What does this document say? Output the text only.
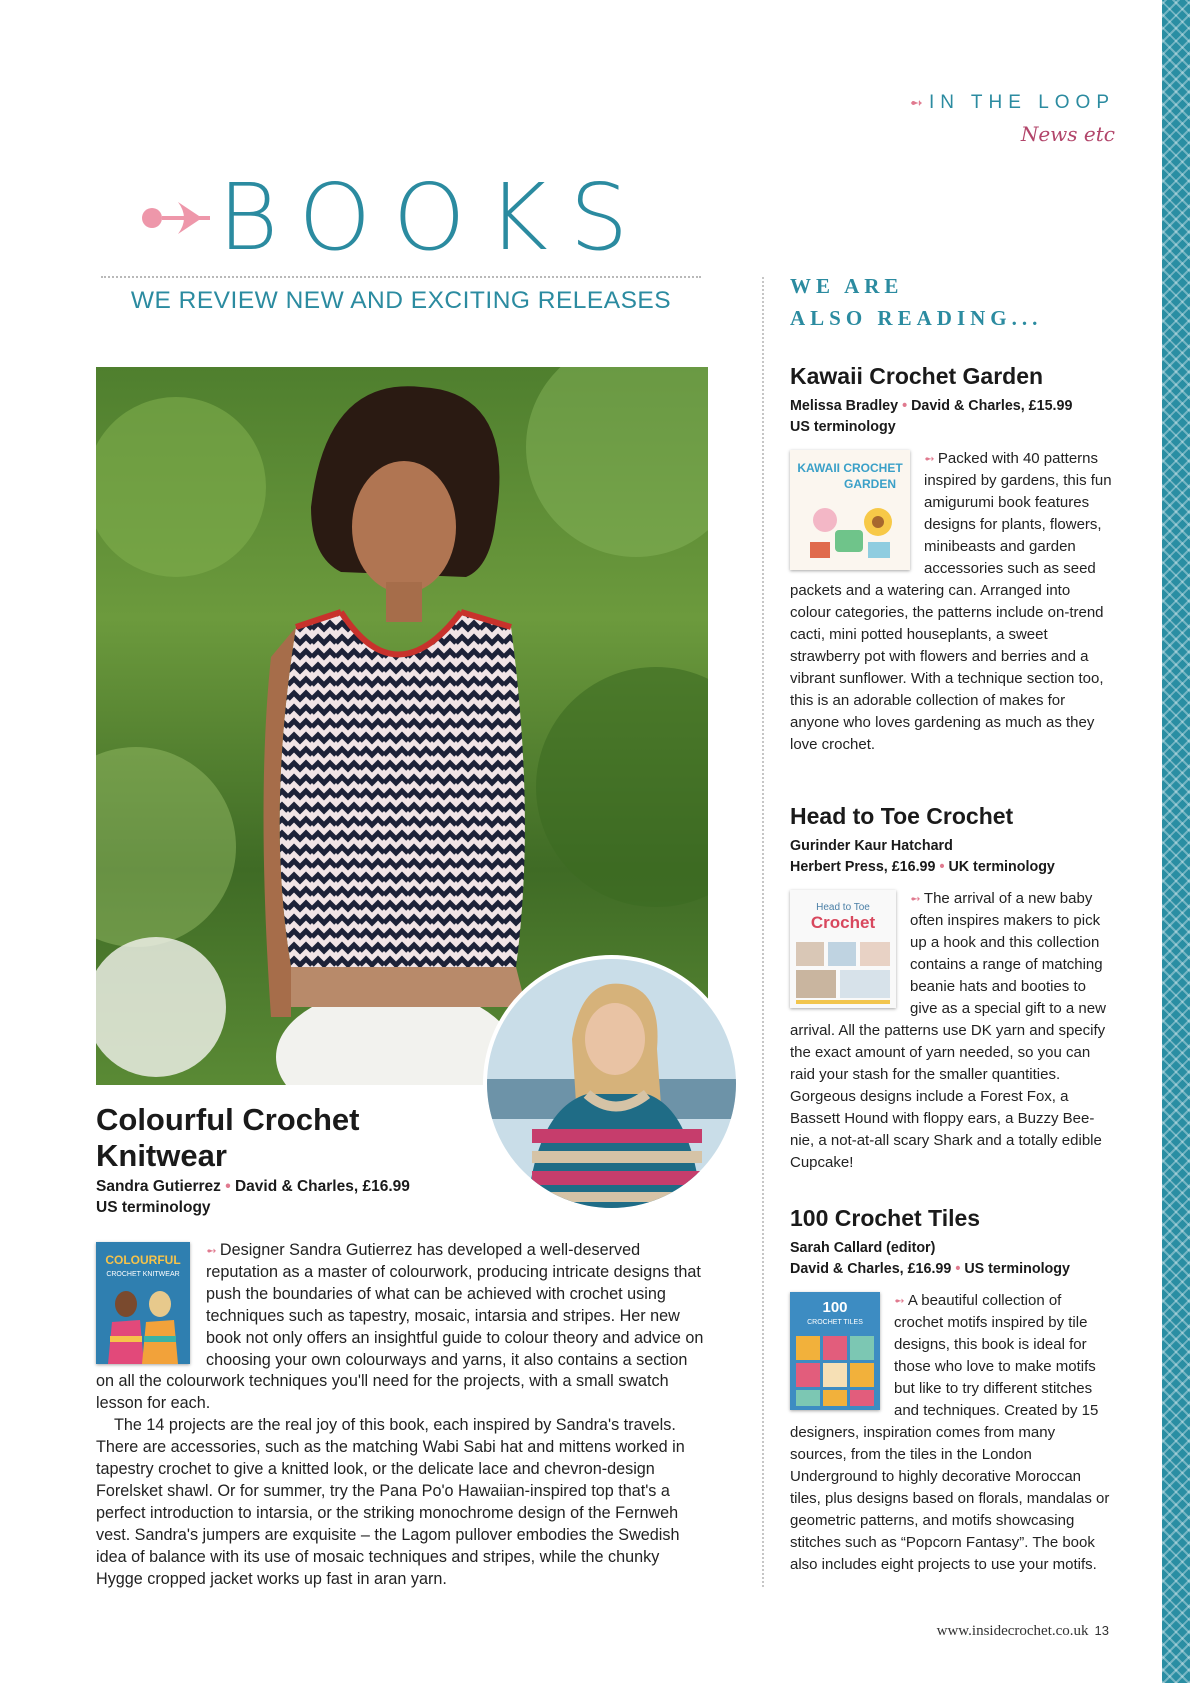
➻ IN THE LOOP
News etc
BOOKS
WE REVIEW NEW AND EXCITING RELEASES
Colourful Crochet
Knitwear
Sandra Gutierrez • David & Charles, £16.99
US terminology
COLOURFUL
CROCHET KNITWEAR

➻ Designer Sandra Gutierrez has developed a well-deserved reputation as a master of colourwork, producing intricate designs that push the boundaries of what can be achieved with crochet using techniques such as tapestry, mosaic, intarsia and stripes. Her new book not only offers an insightful guide to colour theory and advice on choosing your own colourways and yarns, it also contains a section on all the colourwork techniques you'll need for the projects, with a small swatch lesson for each.

The 14 projects are the real joy of this book, each inspired by Sandra's travels. There are accessories, such as the matching Wabi Sabi hat and mittens worked in tapestry crochet to give a knitted look, or the delicate lace and chevron-design Forelsket shawl. Or for summer, try the Pana Po'o Hawaiian-inspired top that's a perfect introduction to intarsia, or the striking monochrome design of the Fernweh vest. Sandra's jumpers are exquisite – the Lagom pullover embodies the Swedish idea of balance with its use of mosaic techniques and stripes, while the chunky Hygge cropped jacket works up fast in aran yarn.

WE ARE
ALSO READING...
Kawaii Crochet Garden
Melissa Bradley • David & Charles, £15.99
US terminology
KAWAII CROCHET
GARDEN

➻ Packed with 40 patterns inspired by gardens, this fun amigurumi book features designs for plants, flowers, minibeasts and garden accessories such as seed packets and a watering can. Arranged into colour categories, the patterns include on-trend cacti, mini potted houseplants, a sweet strawberry pot with flowers and berries and a vibrant sunflower. With a technique section too, this is an adorable collection of makes for anyone who loves gardening as much as they love crochet.

Head to Toe Crochet
Gurinder Kaur Hatchard
Herbert Press, £16.99 • UK terminology
Head to Toe
Crochet

➻ The arrival of a new baby often inspires makers to pick up a hook and this collection contains a range of matching beanie hats and booties to give as a special gift to a new arrival. All the patterns use DK yarn and specify the exact amount of yarn needed, so you can raid your stash for the smaller quantities. Gorgeous designs include a Forest Fox, a Bassett Hound with floppy ears, a Buzzy Bee-nie, a not-at-all scary Shark and a totally edible Cupcake!

100 Crochet Tiles
Sarah Callard (editor)
David & Charles, £16.99 • US terminology
100
CROCHET TILES

➻ A beautiful collection of crochet motifs inspired by tile designs, this book is ideal for those who love to make motifs but like to try different stitches and techniques. Created by 15 designers, inspiration comes from many sources, from the tiles in the London Underground to highly decorative Moroccan tiles, plus designs based on florals, mandalas or geometric patterns, and motifs showcasing stitches such as “Popcorn Fantasy”. The book also includes eight projects to use your motifs.

www.insidecrochet.co.uk 13
